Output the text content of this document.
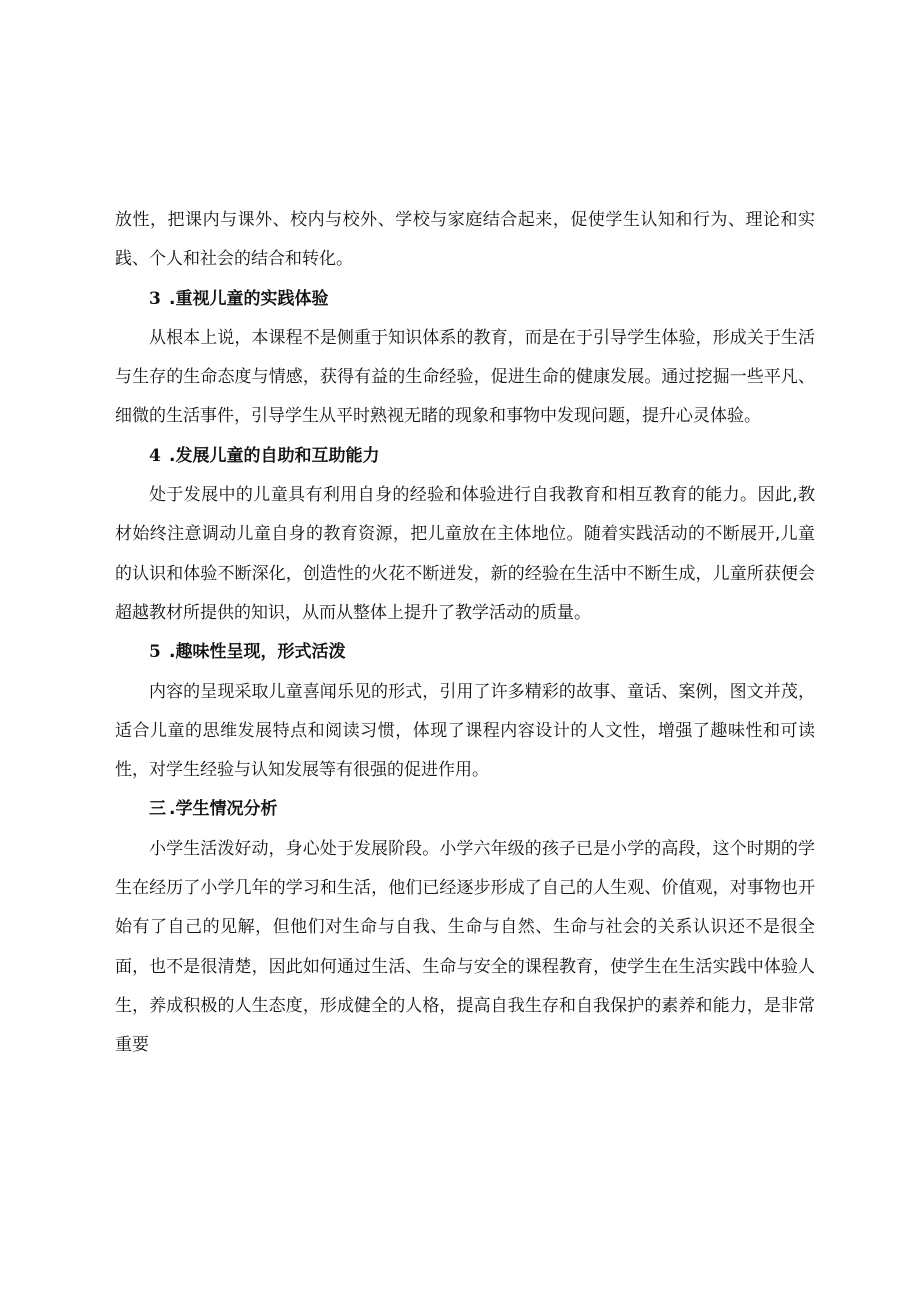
放性，把课内与课外、校内与校外、学校与家庭结合起来，促使学生认知和行为、理论和实践、个人和社会的结合和转化。

3 .重视儿童的实践体验

从根本上说，本课程不是侧重于知识体系的教育，而是在于引导学生体验，形成关于生活与生存的生命态度与情感，获得有益的生命经验，促进生命的健康发展。通过挖掘一些平凡、细微的生活事件，引导学生从平时熟视无睹的现象和事物中发现问题，提升心灵体验。

4 .发展儿童的自助和互助能力

处于发展中的儿童具有利用自身的经验和体验进行自我教育和相互教育的能力。因此,教材始终注意调动儿童自身的教育资源，把儿童放在主体地位。随着实践活动的不断展开,儿童的认识和体验不断深化，创造性的火花不断迸发，新的经验在生活中不断生成，儿童所获便会超越教材所提供的知识，从而从整体上提升了教学活动的质量。

5 .趣味性呈现，形式活泼

内容的呈现采取儿童喜闻乐见的形式，引用了许多精彩的故事、童话、案例，图文并茂，适合儿童的思维发展特点和阅读习惯，体现了课程内容设计的人文性，增强了趣味性和可读性，对学生经验与认知发展等有很强的促进作用。

三 .学生情况分析

小学生活泼好动，身心处于发展阶段。小学六年级的孩子已是小学的高段，这个时期的学生在经历了小学几年的学习和生活，他们已经逐步形成了自己的人生观、价值观，对事物也开始有了自己的见解，但他们对生命与自我、生命与自然、生命与社会的关系认识还不是很全面，也不是很清楚，因此如何通过生活、生命与安全的课程教育，使学生在生活实践中体验人生，养成积极的人生态度，形成健全的人格，提高自我生存和自我保护的素养和能力，是非常重要
